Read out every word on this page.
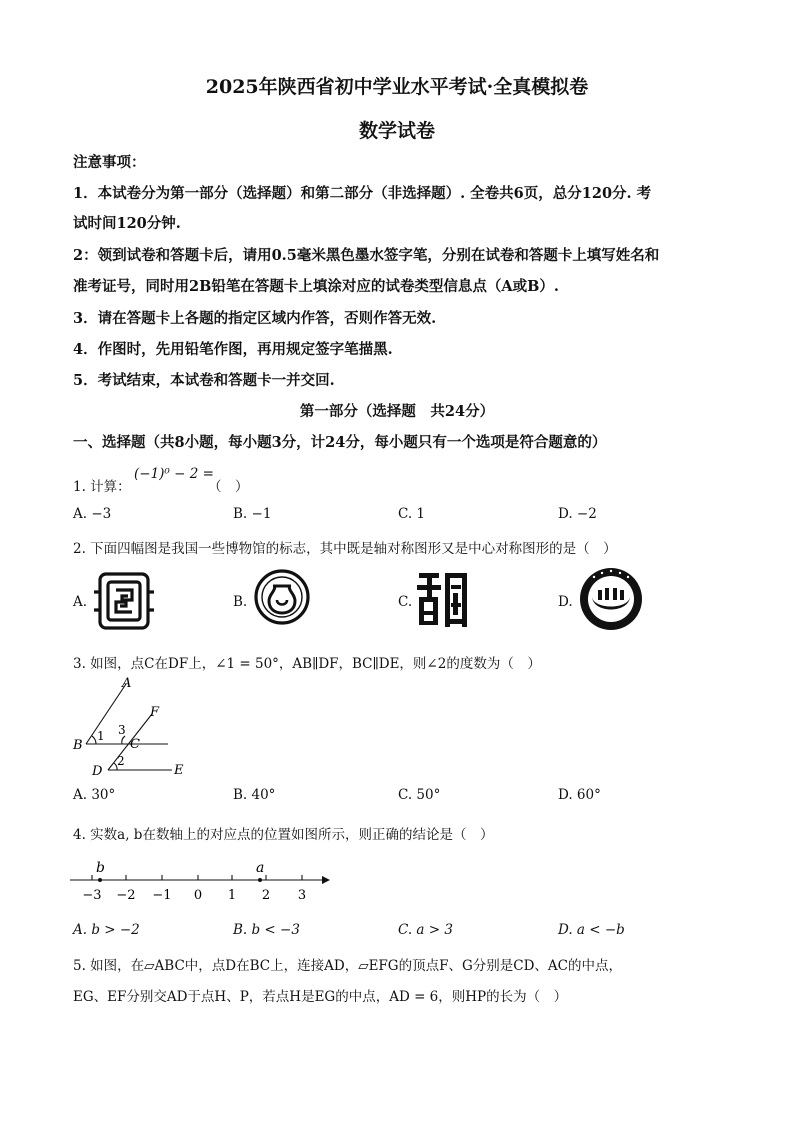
2025年陕西省初中学业水平考试·全真模拟卷
数学试卷
注意事项：
1．本试卷分为第一部分（选择题）和第二部分（非选择题）. 全卷共6页，总分120分. 考
试时间120分钟.
2：领到试卷和答题卡后，请用0.5毫米黑色墨水签字笔，分别在试卷和答题卡上填写姓名和
准考证号，同时用2B铅笔在答题卡上填涂对应的试卷类型信息点（A或B）.
3．请在答题卡上各题的指定区域内作答，否则作答无效.
4．作图时，先用铅笔作图，再用规定签字笔描黑.
5．考试结束，本试卷和答题卡一并交回.
第一部分（选择题　共24分）
一、选择题（共8小题，每小题3分，计24分，每小题只有一个选项是符合题意的）
1. 计算：
(−1)⁰ − 2 =
（　）
A. −3	B. −1	C. 1	D. −2
2. 下面四幅图是我国一些博物馆的标志，其中既是轴对称图形又是中心对称图形的是（　）
A.	B.	C.	D.
3. 如图，点C在DF上，∠1 = 50°，AB∥DF，BC∥DE，则∠2的度数为（　）
A
B	C
D	E
F
1 3
2
A. 30°	B. 40°	C. 50°	D. 60°
4. 实数a, b在数轴上的对应点的位置如图所示，则正确的结论是（　）
b	a
−3 −2 −1 0 1 2 3
A. b > −2	B. b < −3	C. a > 3	D. a < −b
5. 如图，在▱ABC中，点D在BC上，连接AD，▱EFG的顶点F、G分别是CD、AC的中点，
EG、EF分别交AD于点H、P，若点H是EG的中点，AD = 6，则HP的长为（　）
